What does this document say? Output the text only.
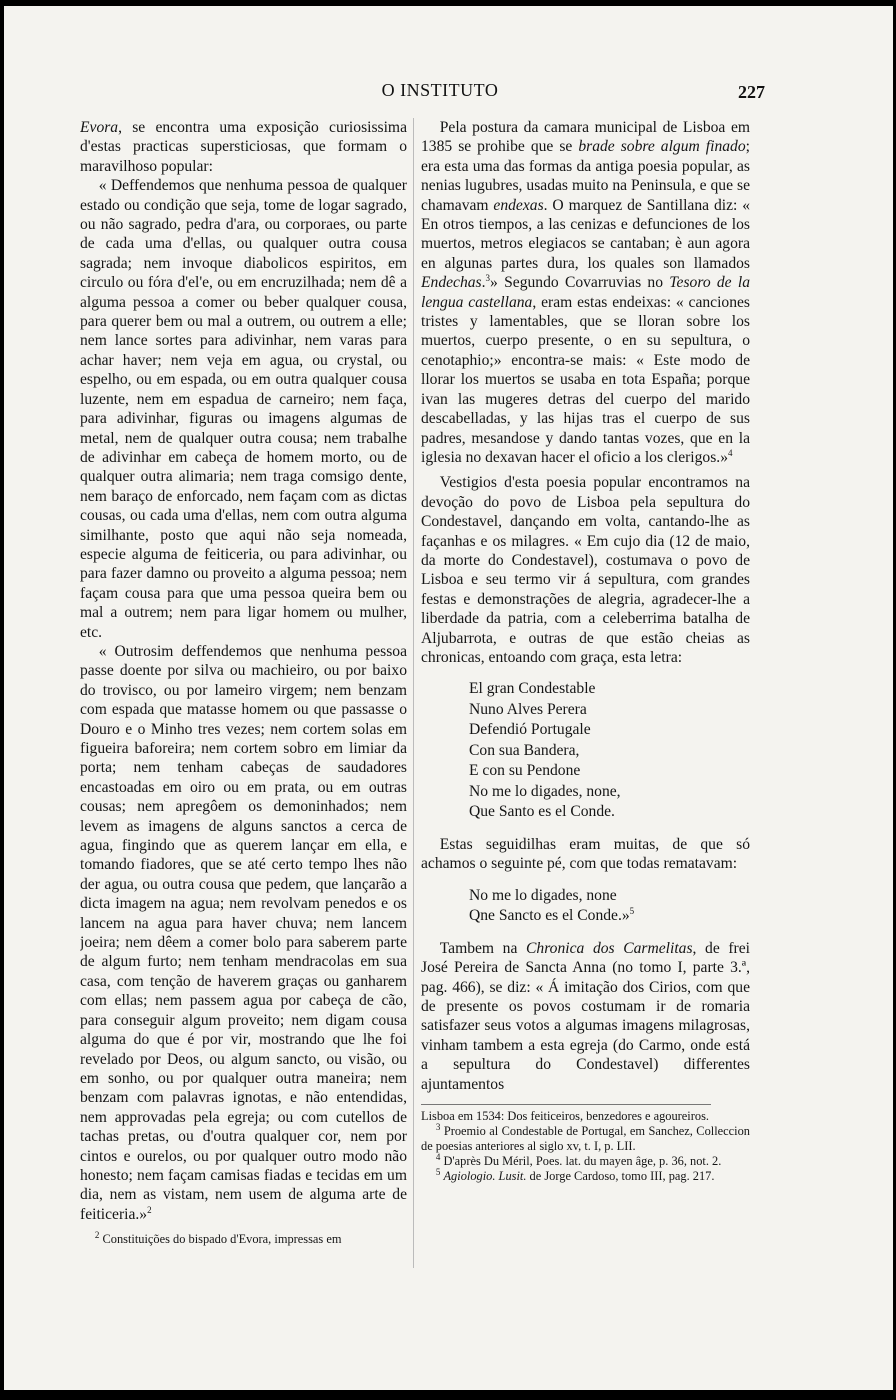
O INSTITUTO	227

Evora, se encontra uma exposição curiosissima d'estas practicas supersticiosas, que formam o maravilhoso popular:

« Deffendemos que nenhuma pessoa de qualquer estado ou condição que seja, tome de logar sagrado, ou não sagrado, pedra d'ara, ou corporaes, ou parte de cada uma d'ellas, ou qualquer outra cousa sagrada; nem invoque diabolicos espiritos, em circulo ou fóra d'el'e, ou em encruzilhada; nem dê a alguma pessoa a comer ou beber qualquer cousa, para querer bem ou mal a outrem, ou outrem a elle; nem lance sortes para adivinhar, nem varas para achar haver; nem veja em agua, ou crystal, ou espelho, ou em espada, ou em outra qualquer cousa luzente, nem em espadua de carneiro; nem faça, para adivinhar, figuras ou imagens algumas de metal, nem de qualquer outra cousa; nem trabalhe de adivinhar em cabeça de homem morto, ou de qualquer outra alimaria; nem traga comsigo dente, nem baraço de enforcado, nem façam com as dictas cousas, ou cada uma d'ellas, nem com outra alguma similhante, posto que aqui não seja nomeada, especie alguma de feiticeria, ou para adivinhar, ou para fazer damno ou proveito a alguma pessoa; nem façam cousa para que uma pessoa queira bem ou mal a outrem; nem para ligar homem ou mulher, etc.

« Outrosim deffendemos que nenhuma pessoa passe doente por silva ou machieiro, ou por baixo do trovisco, ou por lameiro virgem; nem benzam com espada que matasse homem ou que passasse o Douro e o Minho tres vezes; nem cortem solas em figueira baforeira; nem cortem sobro em limiar da porta; nem tenham cabeças de saudadores encastoadas em oiro ou em prata, ou em outras cousas; nem apregôem os demoninhados; nem levem as imagens de alguns sanctos a cerca de agua, fingindo que as querem lançar em ella, e tomando fiadores, que se até certo tempo lhes não der agua, ou outra cousa que pedem, que lançarão a dicta imagem na agua; nem revolvam penedos e os lancem na agua para haver chuva; nem lancem joeira; nem dêem a comer bolo para saberem parte de algum furto; nem tenham mendracolas em sua casa, com tenção de haverem graças ou ganharem com ellas; nem passem agua por cabeça de cão, para conseguir algum proveito; nem digam cousa alguma do que é por vir, mostrando que lhe foi revelado por Deos, ou algum sancto, ou visão, ou em sonho, ou por qualquer outra maneira; nem benzam com palavras ignotas, e não entendidas, nem approvadas pela egreja; ou com cutellos de tachas pretas, ou d'outra qualquer cor, nem por cintos e ourelos, ou por qualquer outro modo não honesto; nem façam camisas fiadas e tecidas em um dia, nem as vistam, nem usem de alguma arte de feiticeria.»$^2$

$^2$ Constituições do bispado d'Evora, impressas em

Pela postura da camara municipal de Lisboa em 1385 se prohibe que se brade sobre algum finado; era esta uma das formas da antiga poesia popular, as nenias lugubres, usadas muito na Peninsula, e que se chamavam endexas. O marquez de Santillana diz: « En otros tiempos, a las cenizas e defunciones de los muertos, metros elegiacos se cantaban; è aun agora en algunas partes dura, los quales son llamados Endechas.$^3$» Segundo Covarruvias no Tesoro de la lengua castellana, eram estas endeixas: « canciones tristes y lamentables, que se lloran sobre los muertos, cuerpo presente, o en su sepultura, o cenotaphio;» encontra-se mais: « Este modo de llorar los muertos se usaba en tota España; porque ivan las mugeres detras del cuerpo del marido descabelladas, y las hijas tras el cuerpo de sus padres, mesandose y dando tantas vozes, que en la iglesia no dexavan hacer el oficio a los clerigos.»$^4$

Vestigios d'esta poesia popular encontramos na devoção do povo de Lisboa pela sepultura do Condestavel, dançando em volta, cantando-lhe as façanhas e os milagres. « Em cujo dia (12 de maio, da morte do Condestavel), costumava o povo de Lisboa e seu termo vir á sepultura, com grandes festas e demonstrações de alegria, agradecer-lhe a liberdade da patria, com a celeberrima batalha de Aljubarrota, e outras de que estão cheias as chronicas, entoando com graça, esta letra:

El gran Condestable
Nuno Alves Perera
Defendió Portugale
Con sua Bandera,
E con su Pendone
No me lo digades, none,
Que Santo es el Conde.

Estas seguidilhas eram muitas, de que só achamos o seguinte pé, com que todas rematavam:

No me lo digades, none
Qne Sancto es el Conde.»$^5$

Tambem na Chronica dos Carmelitas, de frei José Pereira de Sancta Anna (no tomo I, parte 3.ª, pag. 466), se diz: « Á imitação dos Cirios, com que de presente os povos costumam ir de romaria satisfazer seus votos a algumas imagens milagrosas, vinham tambem a esta egreja (do Carmo, onde está a sepultura do Condestavel) differentes ajuntamentos

Lisboa em 1534: Dos feiticeiros, benzedores e agoureiros.

$^3$ Proemio al Condestable de Portugal, em Sanchez, Colleccion de poesias anteriores al siglo xv, t. I, p. LII.

$^4$ D'après Du Méril, Poes. lat. du mayen âge, p. 36, not. 2.

$^5$ Agiologio. Lusit. de Jorge Cardoso, tomo III, pag. 217.
